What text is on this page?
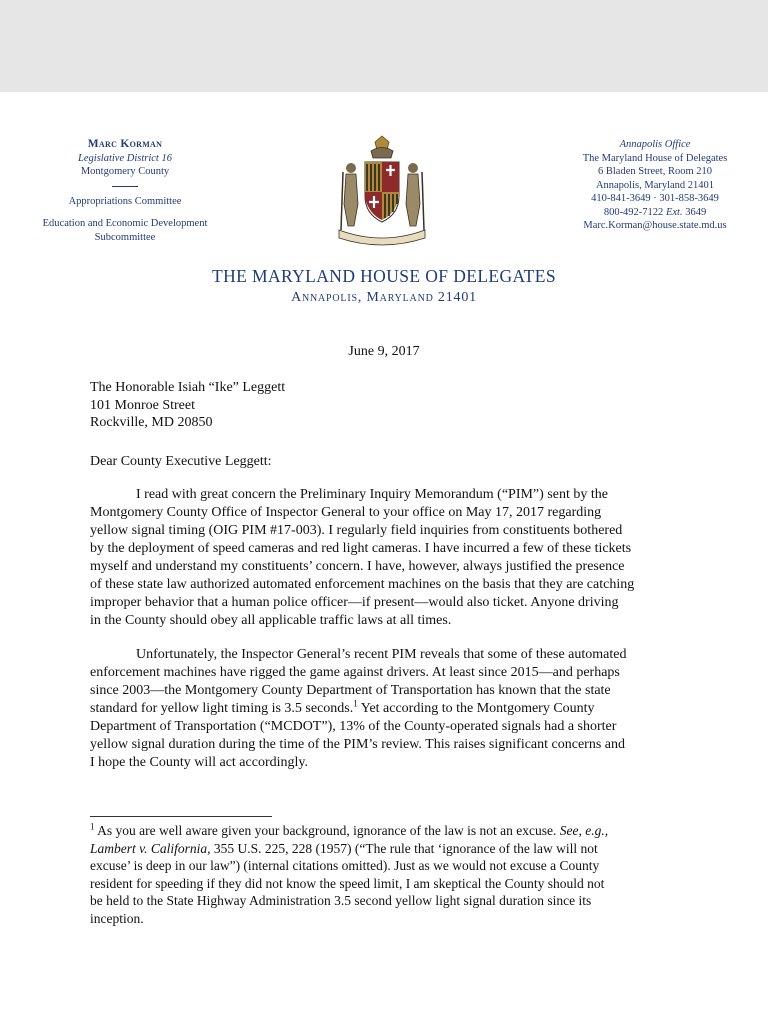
Marc Korman
Legislative District 16
Montgomery County
Appropriations Committee
Education and Economic Development
Subcommittee
Annapolis Office
The Maryland House of Delegates
6 Bladen Street, Room 210
Annapolis, Maryland 21401
410-841-3649 · 301-858-3649
800-492-7122 Ext. 3649
Marc.Korman@house.state.md.us
THE MARYLAND HOUSE OF DELEGATES
Annapolis, Maryland 21401
June 9, 2017
The Honorable Isiah “Ike” Leggett
101 Monroe Street
Rockville, MD 20850
Dear County Executive Leggett:
I read with great concern the Preliminary Inquiry Memorandum (“PIM”) sent by the
Montgomery County Office of Inspector General to your office on May 17, 2017 regarding
yellow signal timing (OIG PIM #17-003). I regularly field inquiries from constituents bothered
by the deployment of speed cameras and red light cameras. I have incurred a few of these tickets
myself and understand my constituents’ concern. I have, however, always justified the presence
of these state law authorized automated enforcement machines on the basis that they are catching
improper behavior that a human police officer—if present—would also ticket. Anyone driving
in the County should obey all applicable traffic laws at all times.
Unfortunately, the Inspector General’s recent PIM reveals that some of these automated
enforcement machines have rigged the game against drivers. At least since 2015—and perhaps
since 2003—the Montgomery County Department of Transportation has known that the state
standard for yellow light timing is 3.5 seconds.$^1$ Yet according to the Montgomery County
Department of Transportation (“MCDOT”), 13% of the County-operated signals had a shorter
yellow signal duration during the time of the PIM’s review. This raises significant concerns and
I hope the County will act accordingly.
$^1$ As you are well aware given your background, ignorance of the law is not an excuse. See, e.g.,
Lambert v. California, 355 U.S. 225, 228 (1957) (“The rule that ‘ignorance of the law will not
excuse’ is deep in our law”) (internal citations omitted). Just as we would not excuse a County
resident for speeding if they did not know the speed limit, I am skeptical the County should not
be held to the State Highway Administration 3.5 second yellow light signal duration since its
inception.
